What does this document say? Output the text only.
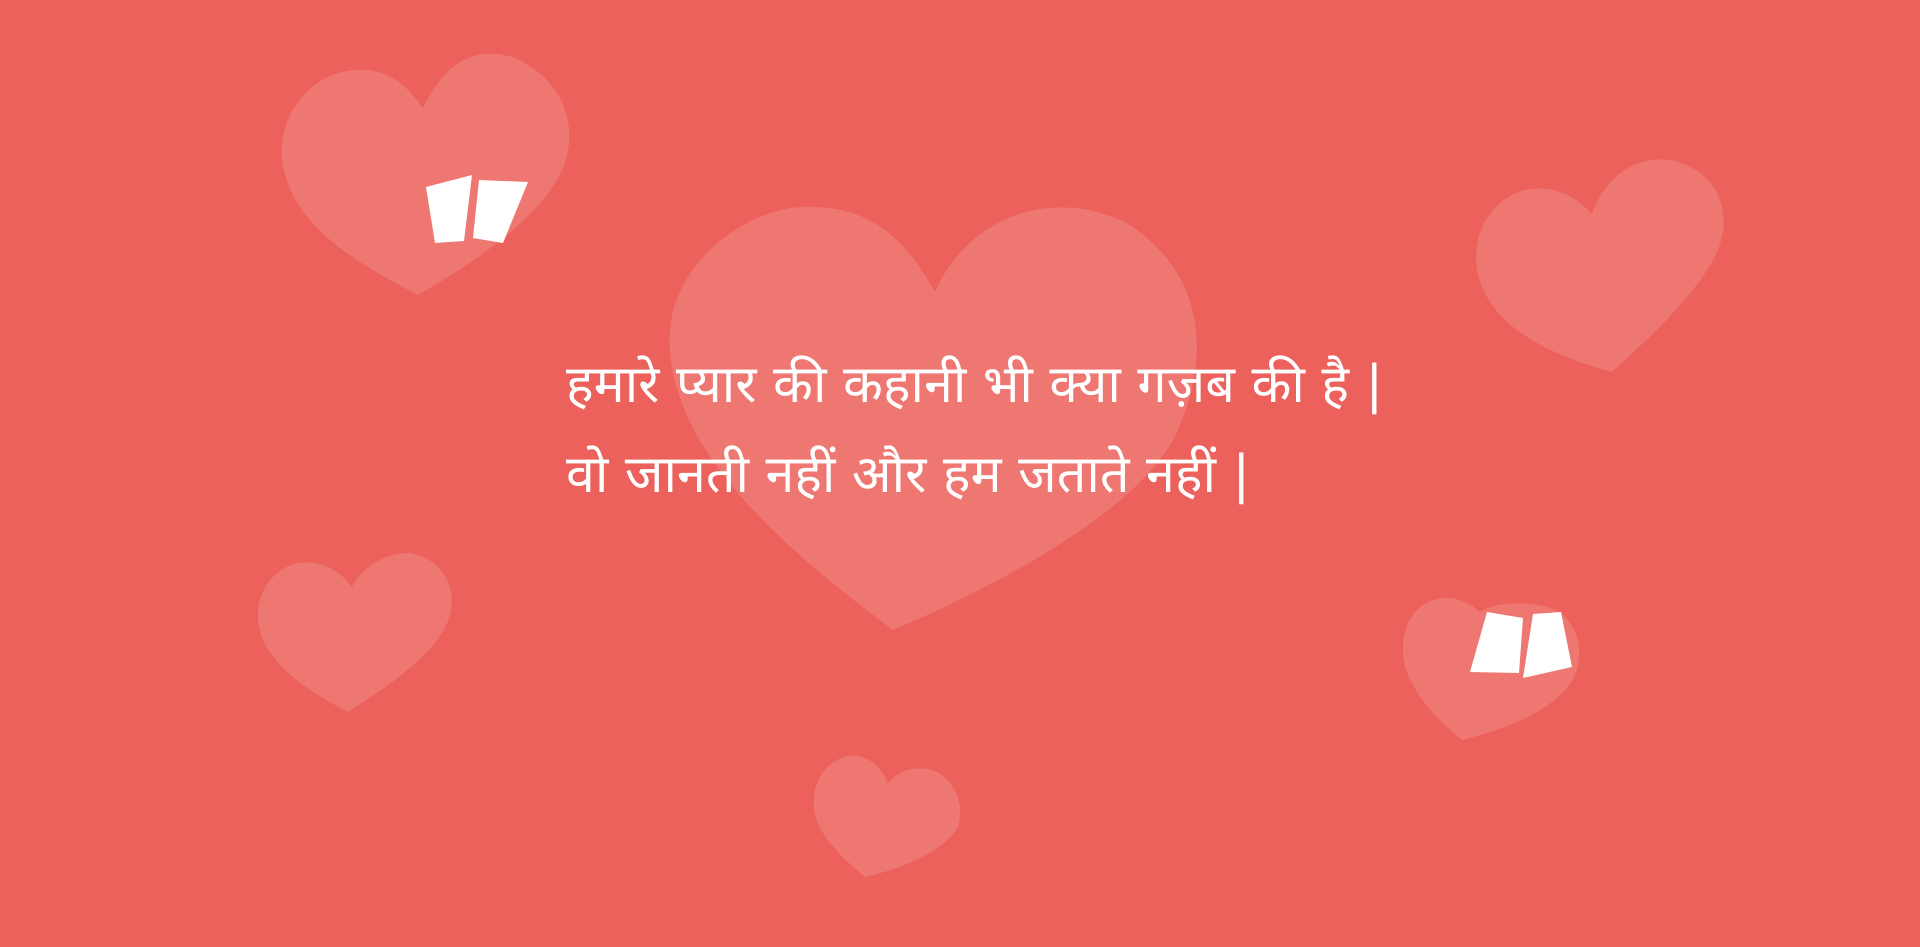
हमारे प्यार की कहानी भी क्या गज़ब की है |
वो जानती नहीं और हम जताते नहीं |
